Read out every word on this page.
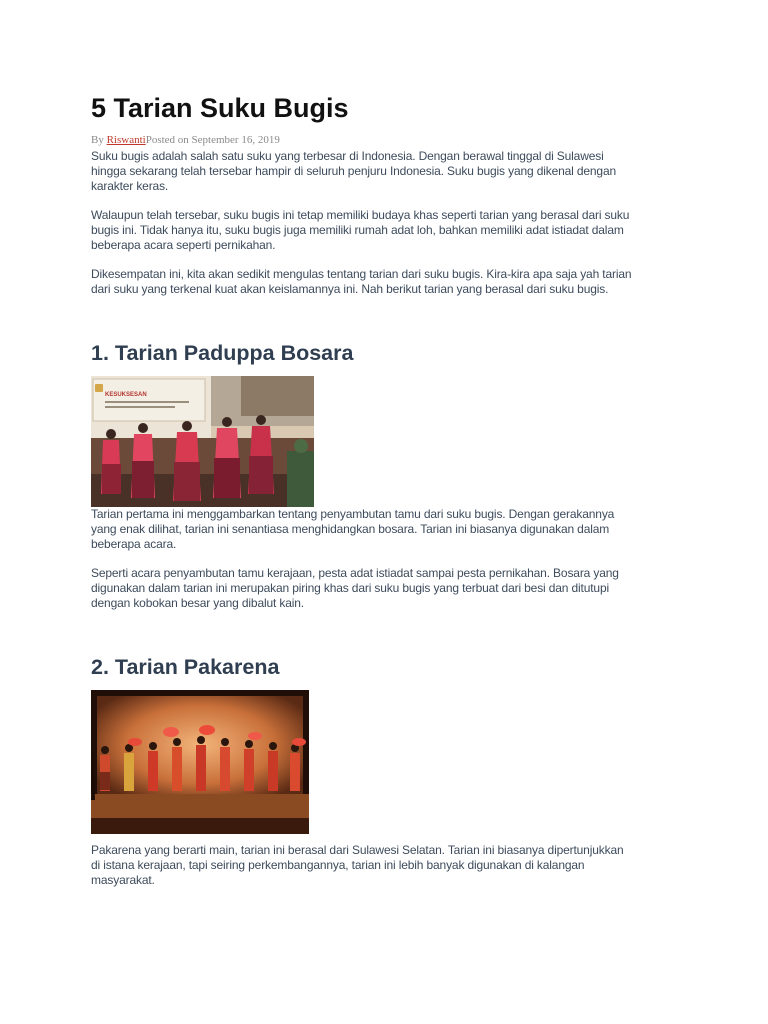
5 Tarian Suku Bugis
By RiswantiPosted on September 16, 2019

Suku bugis adalah salah satu suku yang terbesar di Indonesia. Dengan berawal tinggal di Sulawesi
hingga sekarang telah tersebar hampir di seluruh penjuru Indonesia. Suku bugis yang dikenal dengan
karakter keras.

Walaupun telah tersebar, suku bugis ini tetap memiliki budaya khas seperti tarian yang berasal dari suku
bugis ini. Tidak hanya itu, suku bugis juga memiliki rumah adat loh, bahkan memiliki adat istiadat dalam
beberapa acara seperti pernikahan.

Dikesempatan ini, kita akan sedikit mengulas tentang tarian dari suku bugis. Kira-kira apa saja yah tarian
dari suku yang terkenal kuat akan keislamannya ini. Nah berikut tarian yang berasal dari suku bugis.

1. Tarian Paduppa Bosara
KESUKSESAN

Tarian pertama ini menggambarkan tentang penyambutan tamu dari suku bugis. Dengan gerakannya
yang enak dilihat, tarian ini senantiasa menghidangkan bosara. Tarian ini biasanya digunakan dalam
beberapa acara.

Seperti acara penyambutan tamu kerajaan, pesta adat istiadat sampai pesta pernikahan. Bosara yang
digunakan dalam tarian ini merupakan piring khas dari suku bugis yang terbuat dari besi dan ditutupi
dengan kobokan besar yang dibalut kain.

2. Tarian Pakarena

Pakarena yang berarti main, tarian ini berasal dari Sulawesi Selatan. Tarian ini biasanya dipertunjukkan
di istana kerajaan, tapi seiring perkembangannya, tarian ini lebih banyak digunakan di kalangan
masyarakat.
